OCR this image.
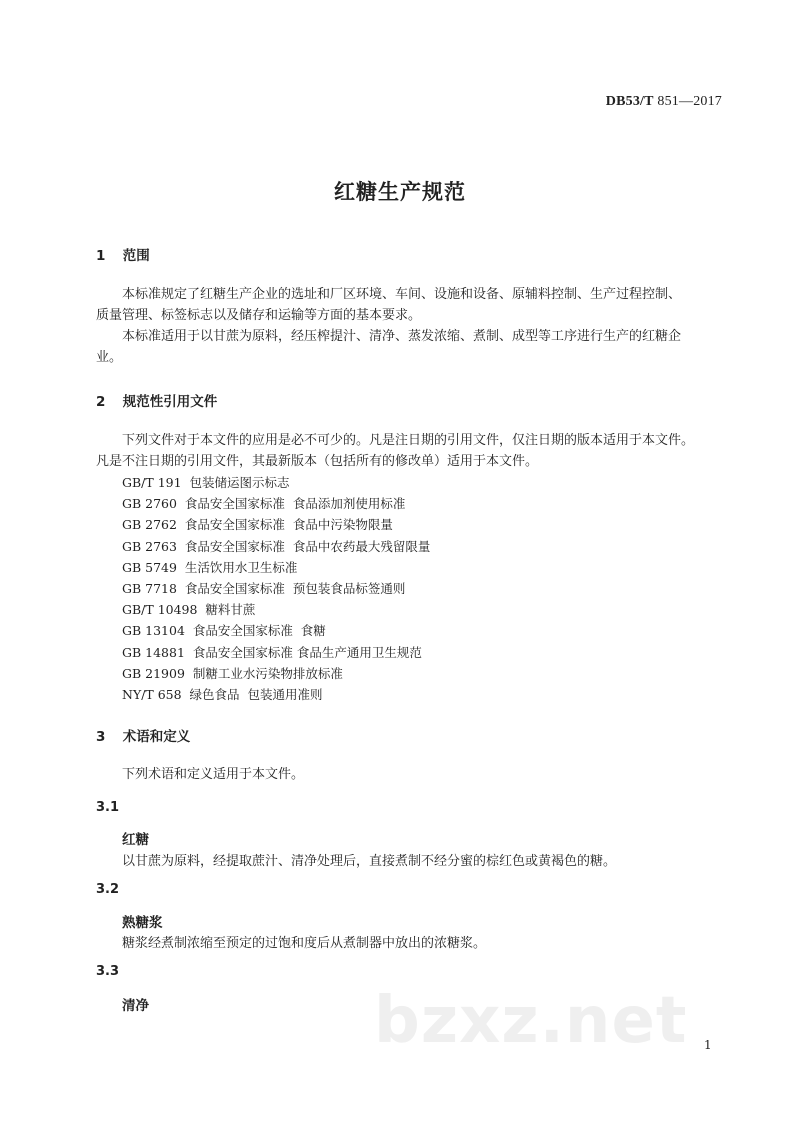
DB53/T 851—2017
红糖生产规范
1 范围
本标准规定了红糖生产企业的选址和厂区环境、车间、设施和设备、原辅料控制、生产过程控制、
质量管理、标签标志以及储存和运输等方面的基本要求。
本标准适用于以甘蔗为原料，经压榨提汁、清净、蒸发浓缩、煮制、成型等工序进行生产的红糖企
业。
2 规范性引用文件
下列文件对于本文件的应用是必不可少的。凡是注日期的引用文件，仅注日期的版本适用于本文件。
凡是不注日期的引用文件，其最新版本（包括所有的修改单）适用于本文件。
GB/T 191  包装储运图示标志
GB 2760  食品安全国家标准  食品添加剂使用标准
GB 2762  食品安全国家标准  食品中污染物限量
GB 2763  食品安全国家标准  食品中农药最大残留限量
GB 5749  生活饮用水卫生标准
GB 7718  食品安全国家标准  预包装食品标签通则
GB/T 10498  糖料甘蔗
GB 13104  食品安全国家标准  食糖
GB 14881  食品安全国家标准 食品生产通用卫生规范
GB 21909  制糖工业水污染物排放标准
NY/T 658  绿色食品  包装通用准则
3 术语和定义
下列术语和定义适用于本文件。
3.1
红糖
以甘蔗为原料，经提取蔗汁、清净处理后，直接煮制不经分蜜的棕红色或黄褐色的糖。
3.2
熟糖浆
糖浆经煮制浓缩至预定的过饱和度后从煮制器中放出的浓糖浆。
3.3
清净	bzxz.net 1
